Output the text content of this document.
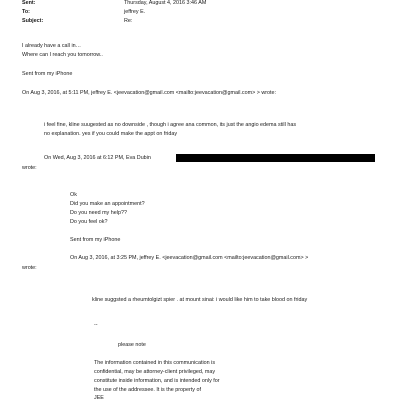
Sent:	Thursday, August 4, 2016 3:46 AM
To:	jeffrey E.
Subject:	Re:
I already have a call in…
Where can I reach you tomorrow..
Sent from my iPhone
On Aug 3, 2016, at 5:11 PM, jeffrey E. <jeevacation@gmail.com <mailto:jeevacation@gmail.com> > wrote:
i feel fine, kline suugested as no downside , though i agree ana common, its just the angio edema still has
no explanation. yes if you could make the appt on friday
On Wed, Aug 3, 2016 at 6:12 PM, Eva Dubin
wrote:
Ok
Did you make an appointment?
Do you need my help??
Do you feel ok?
Sent from my iPhone
On Aug 3, 2016, at 3:25 PM, jeffrey E. <jeevacation@gmail.com <mailto:jeevacation@gmail.com> >
wrote:
kline suggsted a rheumtolgizt spier . at mount sinai: i would like him to take blood on friday
--
please note
The information contained in this communication is
confidential, may be attorney-client privileged, may
constitute inside information, and is intended only for
the use of the addressee. It is the property of
JEE
